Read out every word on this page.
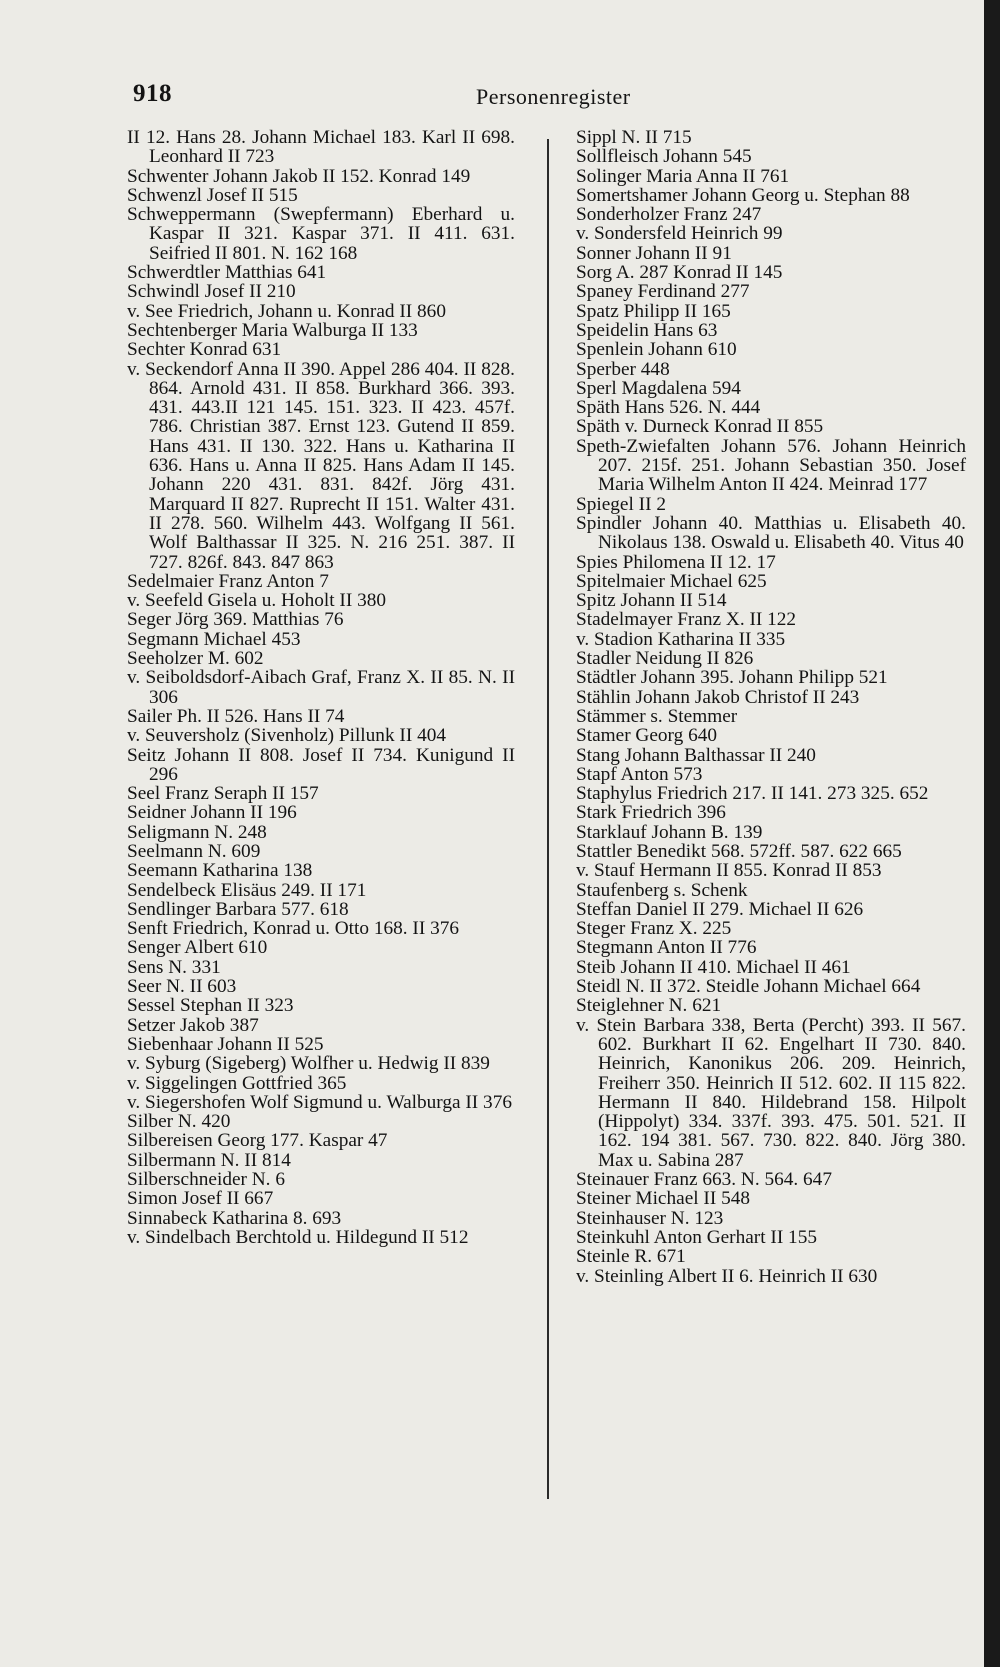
918	Personenregister

II 12. Hans 28. Johann Michael 183. Karl II 698. Leonhard II 723

Schwenter Johann Jakob II 152. Konrad 149

Schwenzl Josef II 515

Schweppermann (Swepfermann) Eberhard u. Kaspar II 321. Kaspar 371. II 411. 631. Seifried II 801. N. 162 168

Schwerdtler Matthias 641

Schwindl Josef II 210

v. See Friedrich, Johann u. Konrad II 860

Sechtenberger Maria Walburga II 133

Sechter Konrad 631

v. Seckendorf Anna II 390. Appel 286 404. II 828. 864. Arnold 431. II 858. Burkhard 366. 393. 431. 443.II 121 145. 151. 323. II 423. 457f. 786. Christian 387. Ernst 123. Gutend II 859. Hans 431. II 130. 322. Hans u. Katharina II 636. Hans u. Anna II 825. Hans Adam II 145. Johann 220 431. 831. 842f. Jörg 431. Marquard II 827. Ruprecht II 151. Walter 431. II 278. 560. Wilhelm 443. Wolfgang II 561. Wolf Balthassar II 325. N. 216 251. 387. II 727. 826f. 843. 847 863

Sedelmaier Franz Anton 7

v. Seefeld Gisela u. Hoholt II 380

Seger Jörg 369. Matthias 76

Segmann Michael 453

Seeholzer M. 602

v. Seiboldsdorf-Aibach Graf, Franz X. II 85. N. II 306

Sailer Ph. II 526. Hans II 74

v. Seuversholz (Sivenholz) Pillunk II 404

Seitz Johann II 808. Josef II 734. Kunigund II 296

Seel Franz Seraph II 157

Seidner Johann II 196

Seligmann N. 248

Seelmann N. 609

Seemann Katharina 138

Sendelbeck Elisäus 249. II 171

Sendlinger Barbara 577. 618

Senft Friedrich, Konrad u. Otto 168. II 376

Senger Albert 610

Sens N. 331

Seer N. II 603

Sessel Stephan II 323

Setzer Jakob 387

Siebenhaar Johann II 525

v. Syburg (Sigeberg) Wolfher u. Hedwig II 839

v. Siggelingen Gottfried 365

v. Siegershofen Wolf Sigmund u. Walburga II 376

Silber N. 420

Silbereisen Georg 177. Kaspar 47

Silbermann N. II 814

Silberschneider N. 6

Simon Josef II 667

Sinnabeck Katharina 8. 693

v. Sindelbach Berchtold u. Hildegund II 512

Sippl N. II 715

Sollfleisch Johann 545

Solinger Maria Anna II 761

Somertshamer Johann Georg u. Stephan 88

Sonderholzer Franz 247

v. Sondersfeld Heinrich 99

Sonner Johann II 91

Sorg A. 287 Konrad II 145

Spaney Ferdinand 277

Spatz Philipp II 165

Speidelin Hans 63

Spenlein Johann 610

Sperber 448

Sperl Magdalena 594

Späth Hans 526. N. 444

Späth v. Durneck Konrad II 855

Speth-Zwiefalten Johann 576. Johann Heinrich 207. 215f. 251. Johann Sebastian 350. Josef Maria Wilhelm Anton II 424. Meinrad 177

Spiegel II 2

Spindler Johann 40. Matthias u. Elisabeth 40. Nikolaus 138. Oswald u. Elisabeth 40. Vitus 40

Spies Philomena II 12. 17

Spitelmaier Michael 625

Spitz Johann II 514

Stadelmayer Franz X. II 122

v. Stadion Katharina II 335

Stadler Neidung II 826

Städtler Johann 395. Johann Philipp 521

Stählin Johann Jakob Christof II 243

Stämmer s. Stemmer

Stamer Georg 640

Stang Johann Balthassar II 240

Stapf Anton 573

Staphylus Friedrich 217. II 141. 273 325. 652

Stark Friedrich 396

Starklauf Johann B. 139

Stattler Benedikt 568. 572ff. 587. 622 665

v. Stauf Hermann II 855. Konrad II 853

Staufenberg s. Schenk

Steffan Daniel II 279. Michael II 626

Steger Franz X. 225

Stegmann Anton II 776

Steib Johann II 410. Michael II 461

Steidl N. II 372. Steidle Johann Michael 664

Steiglehner N. 621

v. Stein Barbara 338, Berta (Percht) 393. II 567. 602. Burkhart II 62. Engelhart II 730. 840. Heinrich, Kanonikus 206. 209. Heinrich, Freiherr 350. Heinrich II 512. 602. II 115 822. Hermann II 840. Hildebrand 158. Hilpolt (Hippolyt) 334. 337f. 393. 475. 501. 521. II 162. 194 381. 567. 730. 822. 840. Jörg 380. Max u. Sabina 287

Steinauer Franz 663. N. 564. 647

Steiner Michael II 548

Steinhauser N. 123

Steinkuhl Anton Gerhart II 155

Steinle R. 671

v. Steinling Albert II 6. Heinrich II 630
